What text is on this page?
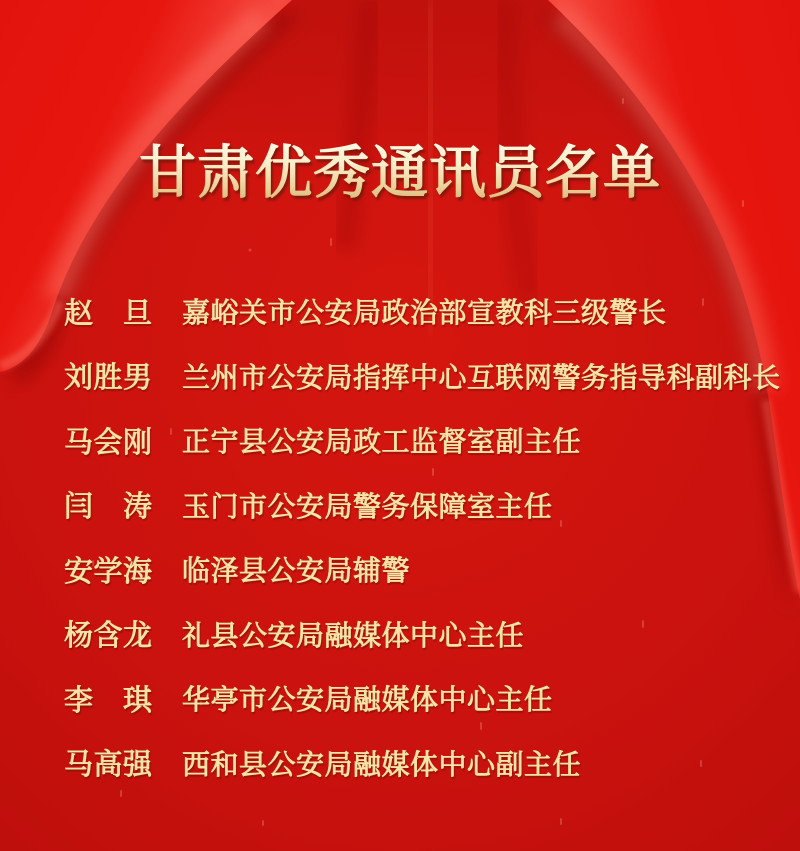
甘肃优秀通讯员名单
赵 旦 嘉峪关市公安局政治部宣教科三级警长
刘 胜 男 兰州市公安局指挥中心互联网警务指导科副科长
马 会 刚 正宁县公安局政工监督室副主任
闫 涛 玉门市公安局警务保障室主任
安 学 海 临泽县公安局辅警
杨 含 龙 礼县公安局融媒体中心主任
李 琪 华亭市公安局融媒体中心主任
马 高 强 西和县公安局融媒体中心副主任
